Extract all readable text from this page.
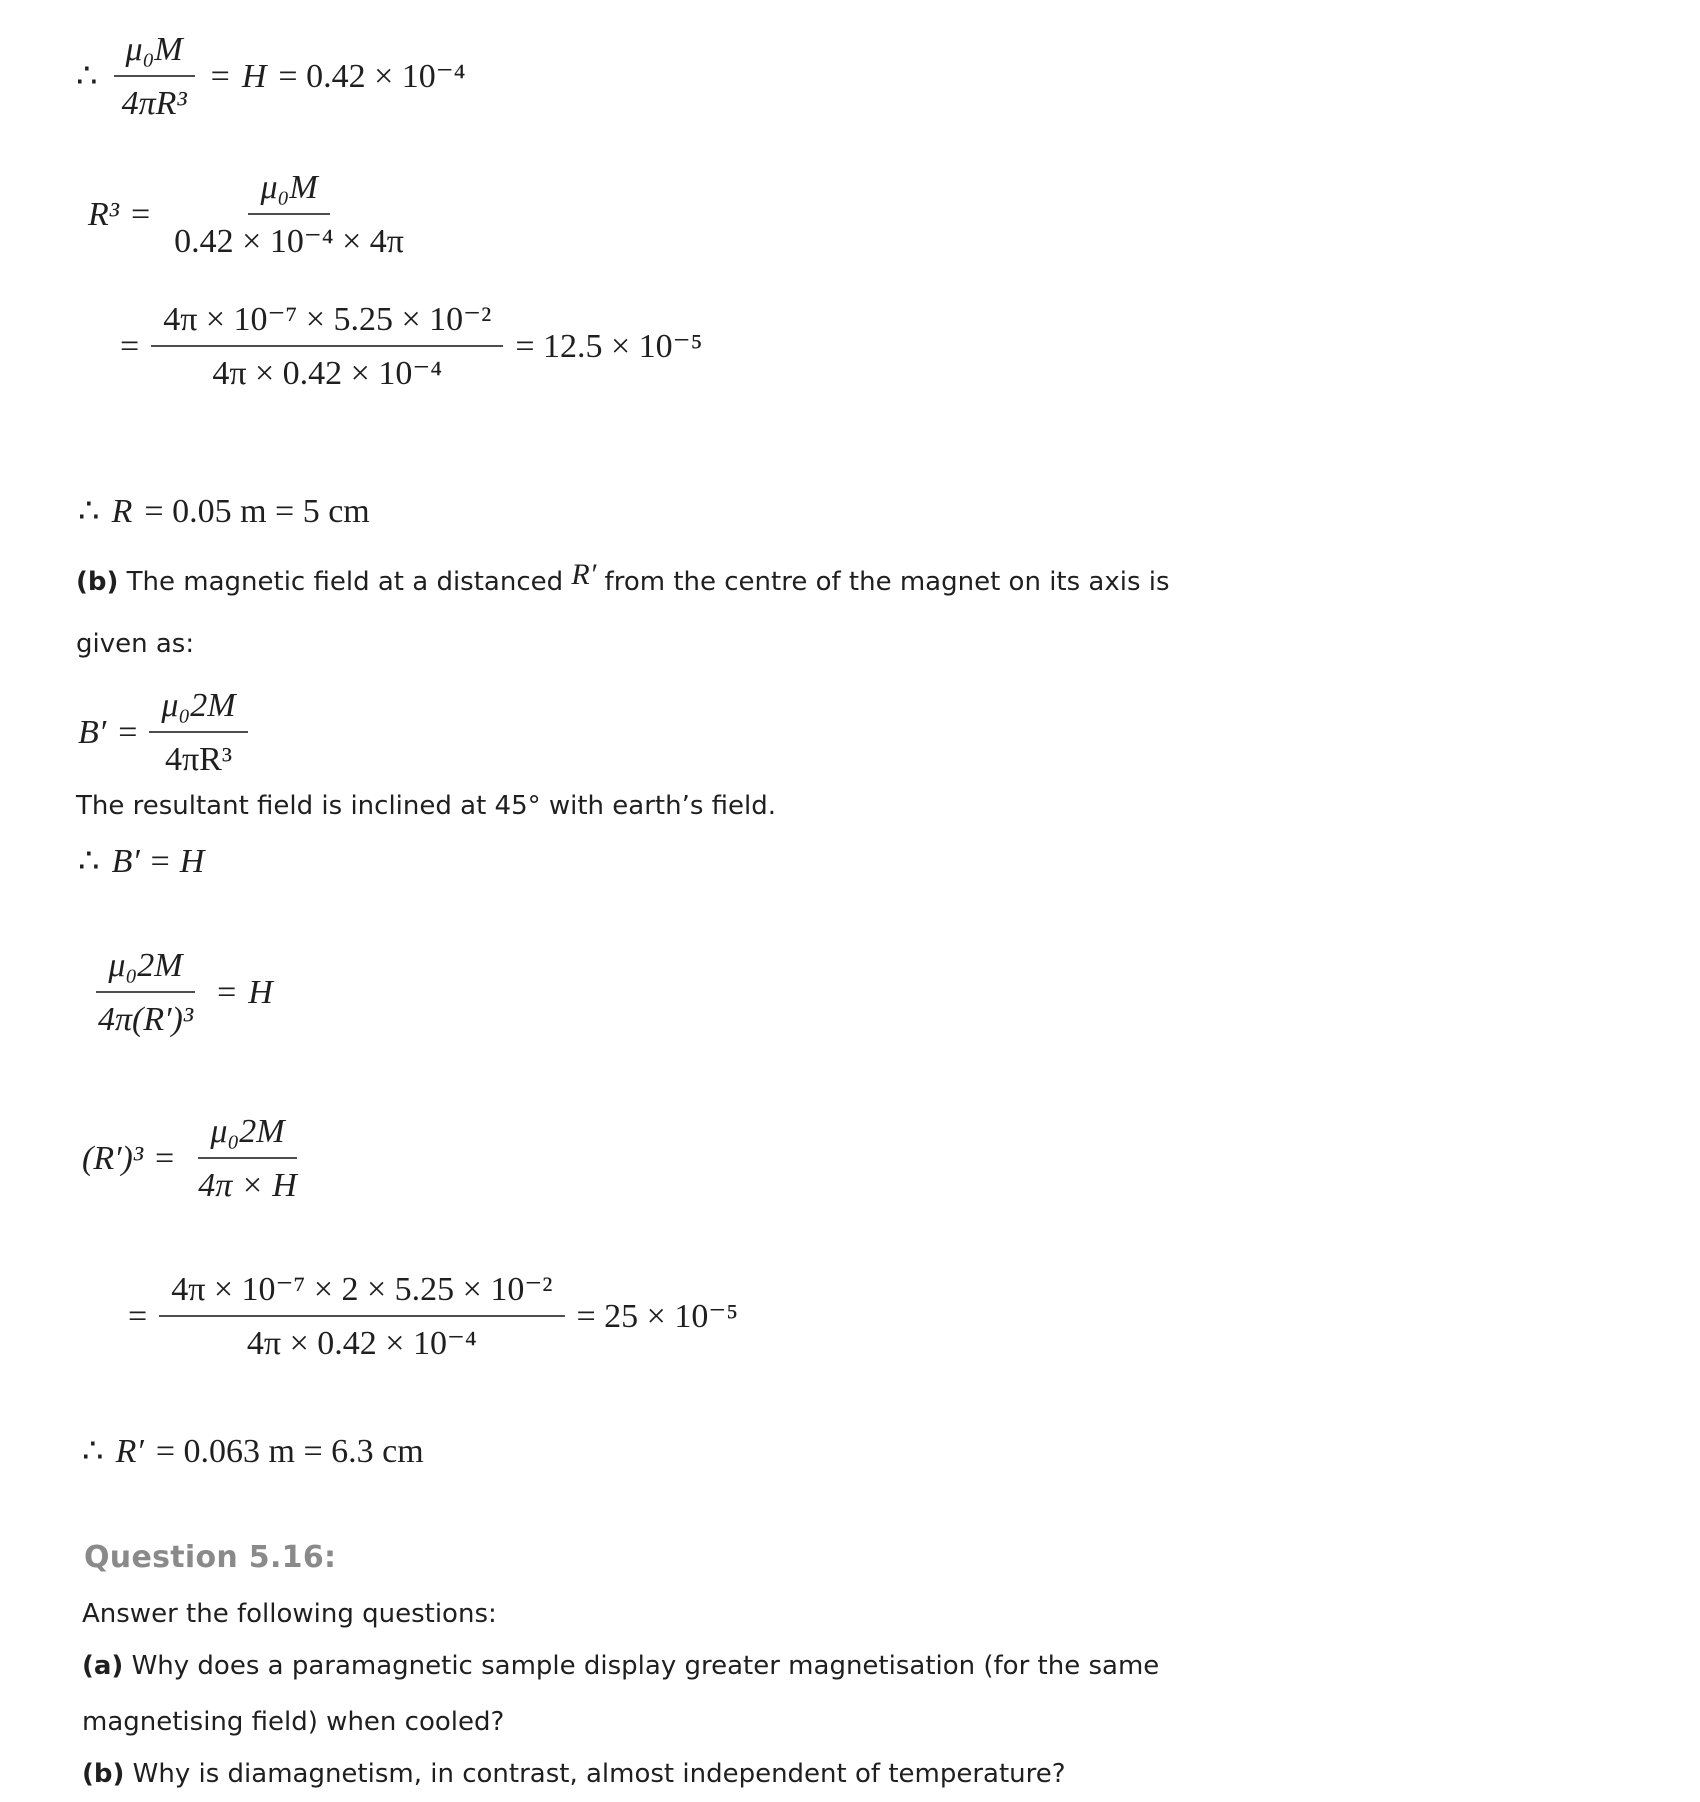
∴ $\frac{\text{μ₀M}}{\text{4πR³}} = H = 0.42 \times 10^{-4}$
$R^3 = \frac{\text{μ₀M}}{\text{0.42 × 10⁻⁴ × 4π}}$
= $\frac{\text{4π × 10⁻⁷ × 5.25 × 10⁻²}}{\text{4π × 0.42 × 10⁻⁴}} = 12.5 \times 10^{-5}$
∴ R = 0.05 m = 5 cm
(b) The magnetic field at a distanced R′ from the centre of the magnet on its axis is
given as:
$B' = \frac{\text{μ₀2M}}{\text{4πR³}}$
The resultant field is inclined at 45° with earth’s field.
∴ B′ = H
$\frac{\text{μ₀2M}}{\text{4π(R′)³}} = H$
$(R')^3 = \frac{\text{μ₀2M}}{4\pi \times H}$
= $\frac{\text{4π × 10⁻⁷ × 2 × 5.25 × 10⁻²}}{\text{4π × 0.42 × 10⁻⁴}} = 25 \times 10^{-5}$
∴ R′ = 0.063 m = 6.3 cm
Question 5.16:
Answer the following questions:
(a) Why does a paramagnetic sample display greater magnetisation (for the same
magnetising field) when cooled?
(b) Why is diamagnetism, in contrast, almost independent of temperature?
